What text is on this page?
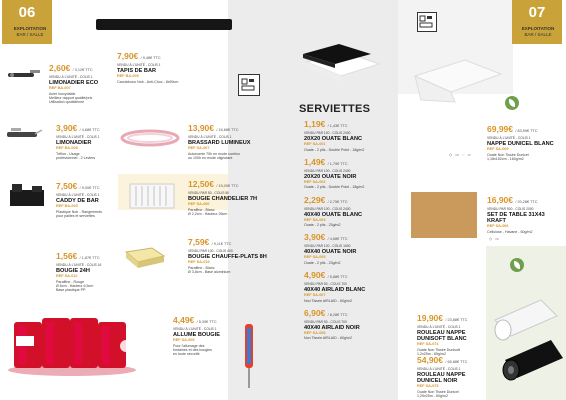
06
EXPLOITATION
BAR / SALLE
2,60€ / 3,12€ TTC
VENDU À L'UNITÉ - COLIS 1
LIMONADIER ECO
REF BA-007
Acier inoxydable
Meilleur rapport qualité/prix
Utilisation quotidienne
7,90€ / 9,48€ TTC
VENDU À L'UNITÉ - COLIS 1
TAPIS DE BAR
REF BA-009
Caoutchouc Noir - Anti-Choc - 8x59cm
3,90€ / 4,68€ TTC
VENDU À L'UNITÉ - COLIS 1
LIMONADIER
REF BA-008
Téflon - Usage
professionnel - 2 Leviers
13,90€ / 16,68€ TTC
VENDU À L'UNITÉ - COLIS 1
BRASSARD LUMINEUX
REF SA-007
Autonomie 70h en mode continu
ou 100h en mode clignotant
7,50€ / 9,00€ TTC
VENDU À L'UNITÉ - COLIS 1
CADDY DE BAR
REF BA-003
Plastique Noir - Rangements
pour pailles et serviettes
12,50€ / 15,00€ TTC
VENDU PAR 50 - COLIS 50
BOUGIE CHANDELIER 7H
REF SA-060
Paraffine - Blanc
Ø 2,2cm - Hauteur 26cm
1,56€ / 1,87€ TTC
VENDU À L'UNITÉ - COLIS 16
BOUGIE 24H
REF SA-012
Paraffine - Rouge
Ø 6cm - Hauteur 6,5cm
Base plastique PP
7,59€ / 9,11€ TTC
VENDU PAR 100 - COLIS 400
BOUGIE CHAUFFE-PLATS 8H
REF SA-019
Paraffine - Blanc
Ø 3,8cm - Base aluminium
4,49€ / 5,39€ TTC
VENDU À L'UNITÉ - COLIS 1
ALLUME BOUGIE
REF SA-005
Pour l'allumage des
fontaines et des bougies
en toute sécurité
07
EXPLOITATION
BAR / SALLE
SERVIETTES
1,19€ / 1,43€ TTC
VENDU PAR 100 - COLIS 2400
20X20 OUATE BLANC
REF SA-001
Ouate - 2 plis - Double Point - 18g/m2
1,49€ / 1,79€ TTC
VENDU PAR 100 - COLIS 2400
20X20 OUATE NOIR
REF SA-002
Ouate - 2 plis - Double Point - 18g/m2
2,29€ / 2,75€ TTC
VENDU PAR 100 - COLIS 2400
40X40 OUATE BLANC
REF SA-004
Ouate - 2 plis - 23g/m2
3,90€ / 4,68€ TTC
VENDU PAR 100 - COLIS 1600
40X40 OUATE NOIR
REF SA-005
Ouate - 2 plis - 23g/m2
4,90€ / 5,88€ TTC
VENDU PAR 50 - COLIS 700
40X40 AIRLAID BLANC
REF SA-007
Non Tissée AIRLAID - 60g/m2
6,90€ / 8,28€ TTC
VENDU PAR 50 - COLIS 700
40X40 AIRLAID NOIR
REF SA-008
Non Tissée AIRLAID - 60g/m2
69,99€ / 83,99€ TTC
VENDU À L'UNITÉ - COLIS 1
NAPPE DUNICEL BLANC
REF SA-009
Ouate Non Tissée Dunicel
1,18x152cm - 160g/m2
◇ ▭ ◌ ▱
16,90€ / 20,28€ TTC
VENDU PAR 500 - COLIS 2000
SET DE TABLE 31X43 KRAFT
REF SA-006
Cellulose - Havane - 60g/m2
◇ ▭
19,90€ / 23,88€ TTC
VENDU À L'UNITÉ - COLIS 1
ROULEAU NAPPE DUNISOFT BLANC
REF SA-074
Ouate Non Tissée Dunisoft
1,2x25m - 65g/m2
54,90€ / 65,88€ TTC
VENDU À L'UNITÉ - COLIS 1
ROULEAU NAPPE DUNICEL NOIR
REF SA-075
Ouate Non Tissée Dunicel
1,25x25m - 60g/m2
